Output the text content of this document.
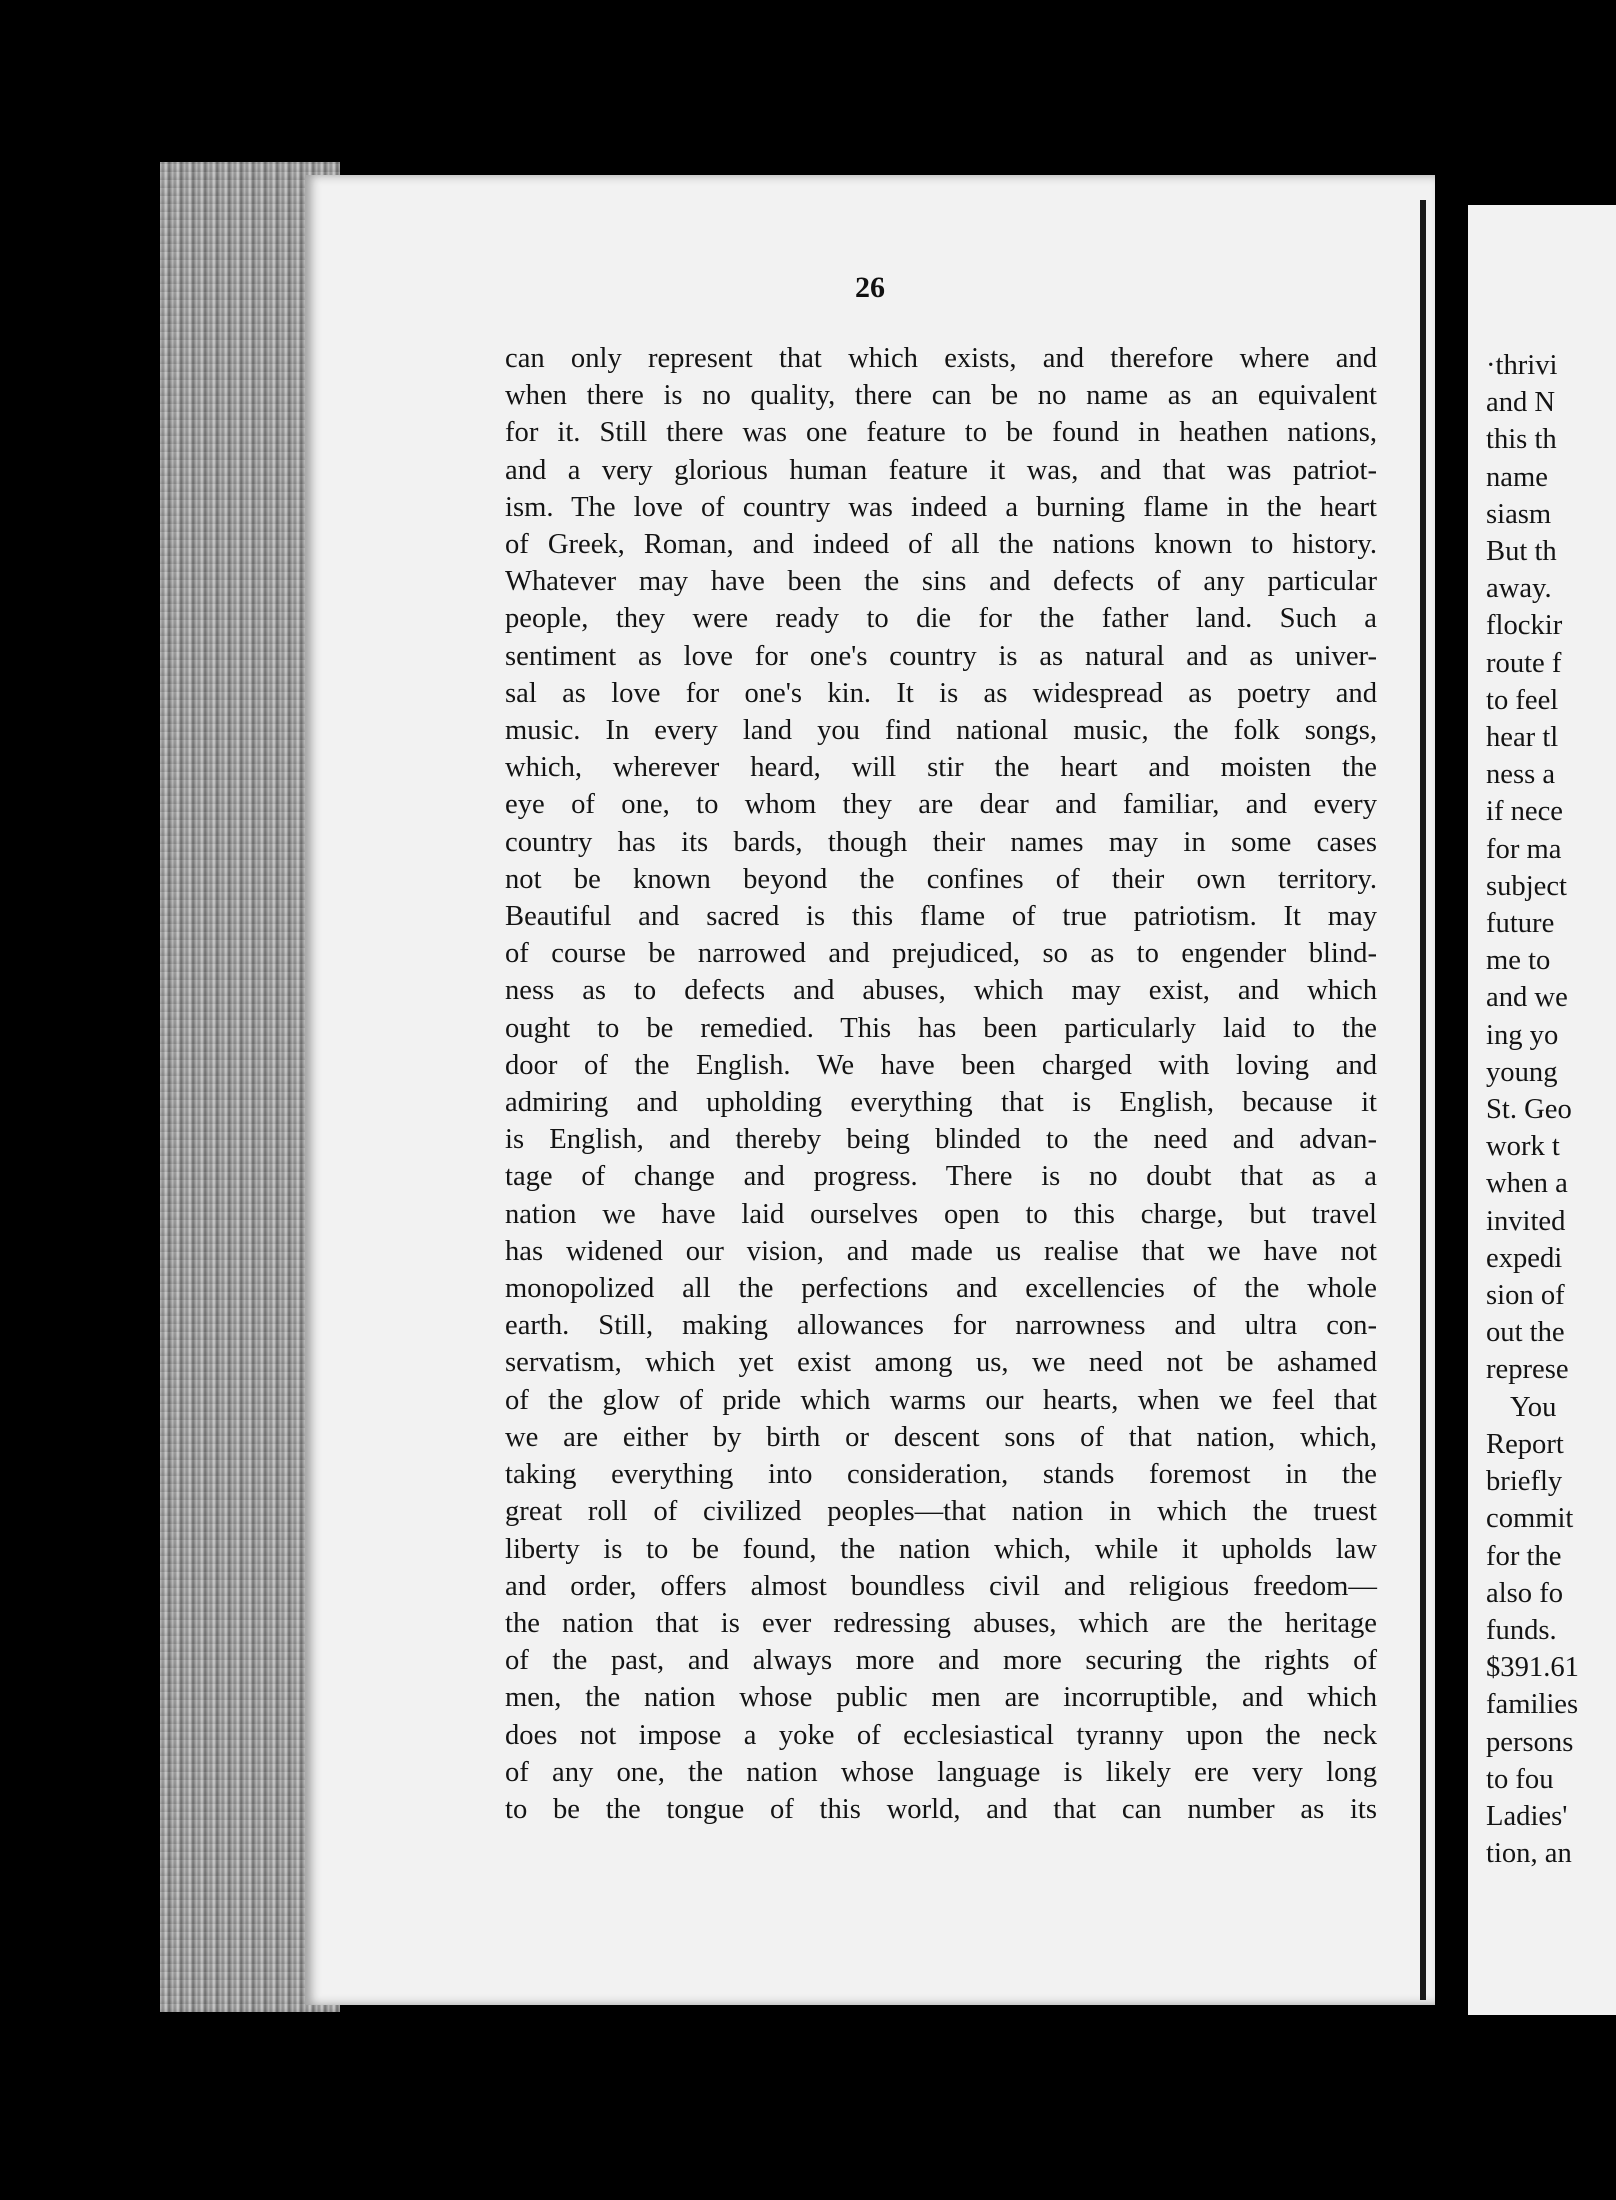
26
can only represent that which exists, and therefore where and
when there is no quality, there can be no name as an equivalent
for it. Still there was one feature to be found in heathen nations,
and a very glorious human feature it was, and that was patriot-
ism. The love of country was indeed a burning flame in the heart
of Greek, Roman, and indeed of all the nations known to history.
Whatever may have been the sins and defects of any particular
people, they were ready to die for the father land. Such a
sentiment as love for one's country is as natural and as univer-
sal as love for one's kin. It is as widespread as poetry and
music. In every land you find national music, the folk songs,
which, wherever heard, will stir the heart and moisten the
eye of one, to whom they are dear and familiar, and every
country has its bards, though their names may in some cases
not be known beyond the confines of their own territory.
Beautiful and sacred is this flame of true patriotism. It may
of course be narrowed and prejudiced, so as to engender blind-
ness as to defects and abuses, which may exist, and which
ought to be remedied. This has been particularly laid to the
door of the English. We have been charged with loving and
admiring and upholding everything that is English, because it
is English, and thereby being blinded to the need and advan-
tage of change and progress. There is no doubt that as a
nation we have laid ourselves open to this charge, but travel
has widened our vision, and made us realise that we have not
monopolized all the perfections and excellencies of the whole
earth. Still, making allowances for narrowness and ultra con-
servatism, which yet exist among us, we need not be ashamed
of the glow of pride which warms our hearts, when we feel that
we are either by birth or descent sons of that nation, which,
taking everything into consideration, stands foremost in the
great roll of civilized peoples—that nation in which the truest
liberty is to be found, the nation which, while it upholds law
and order, offers almost boundless civil and religious freedom—
the nation that is ever redressing abuses, which are the heritage
of the past, and always more and more securing the rights of
men, the nation whose public men are incorruptible, and which
does not impose a yoke of ecclesiastical tyranny upon the neck
of any one, the nation whose language is likely ere very long
to be the tongue of this world, and that can number as its
·thrivi
and N
this th
name
siasm
But th
away.
flockir
route f
to feel
hear tl
ness a
if nece
for ma
subject
future
me to
and we
ing yo
young
St. Geo
work t
when a
invited
expedi
sion of
out the
represe
You
Report
briefly
commit
for the
also fo
funds.
$391.61
families
persons
to fou
Ladies'
tion, an
